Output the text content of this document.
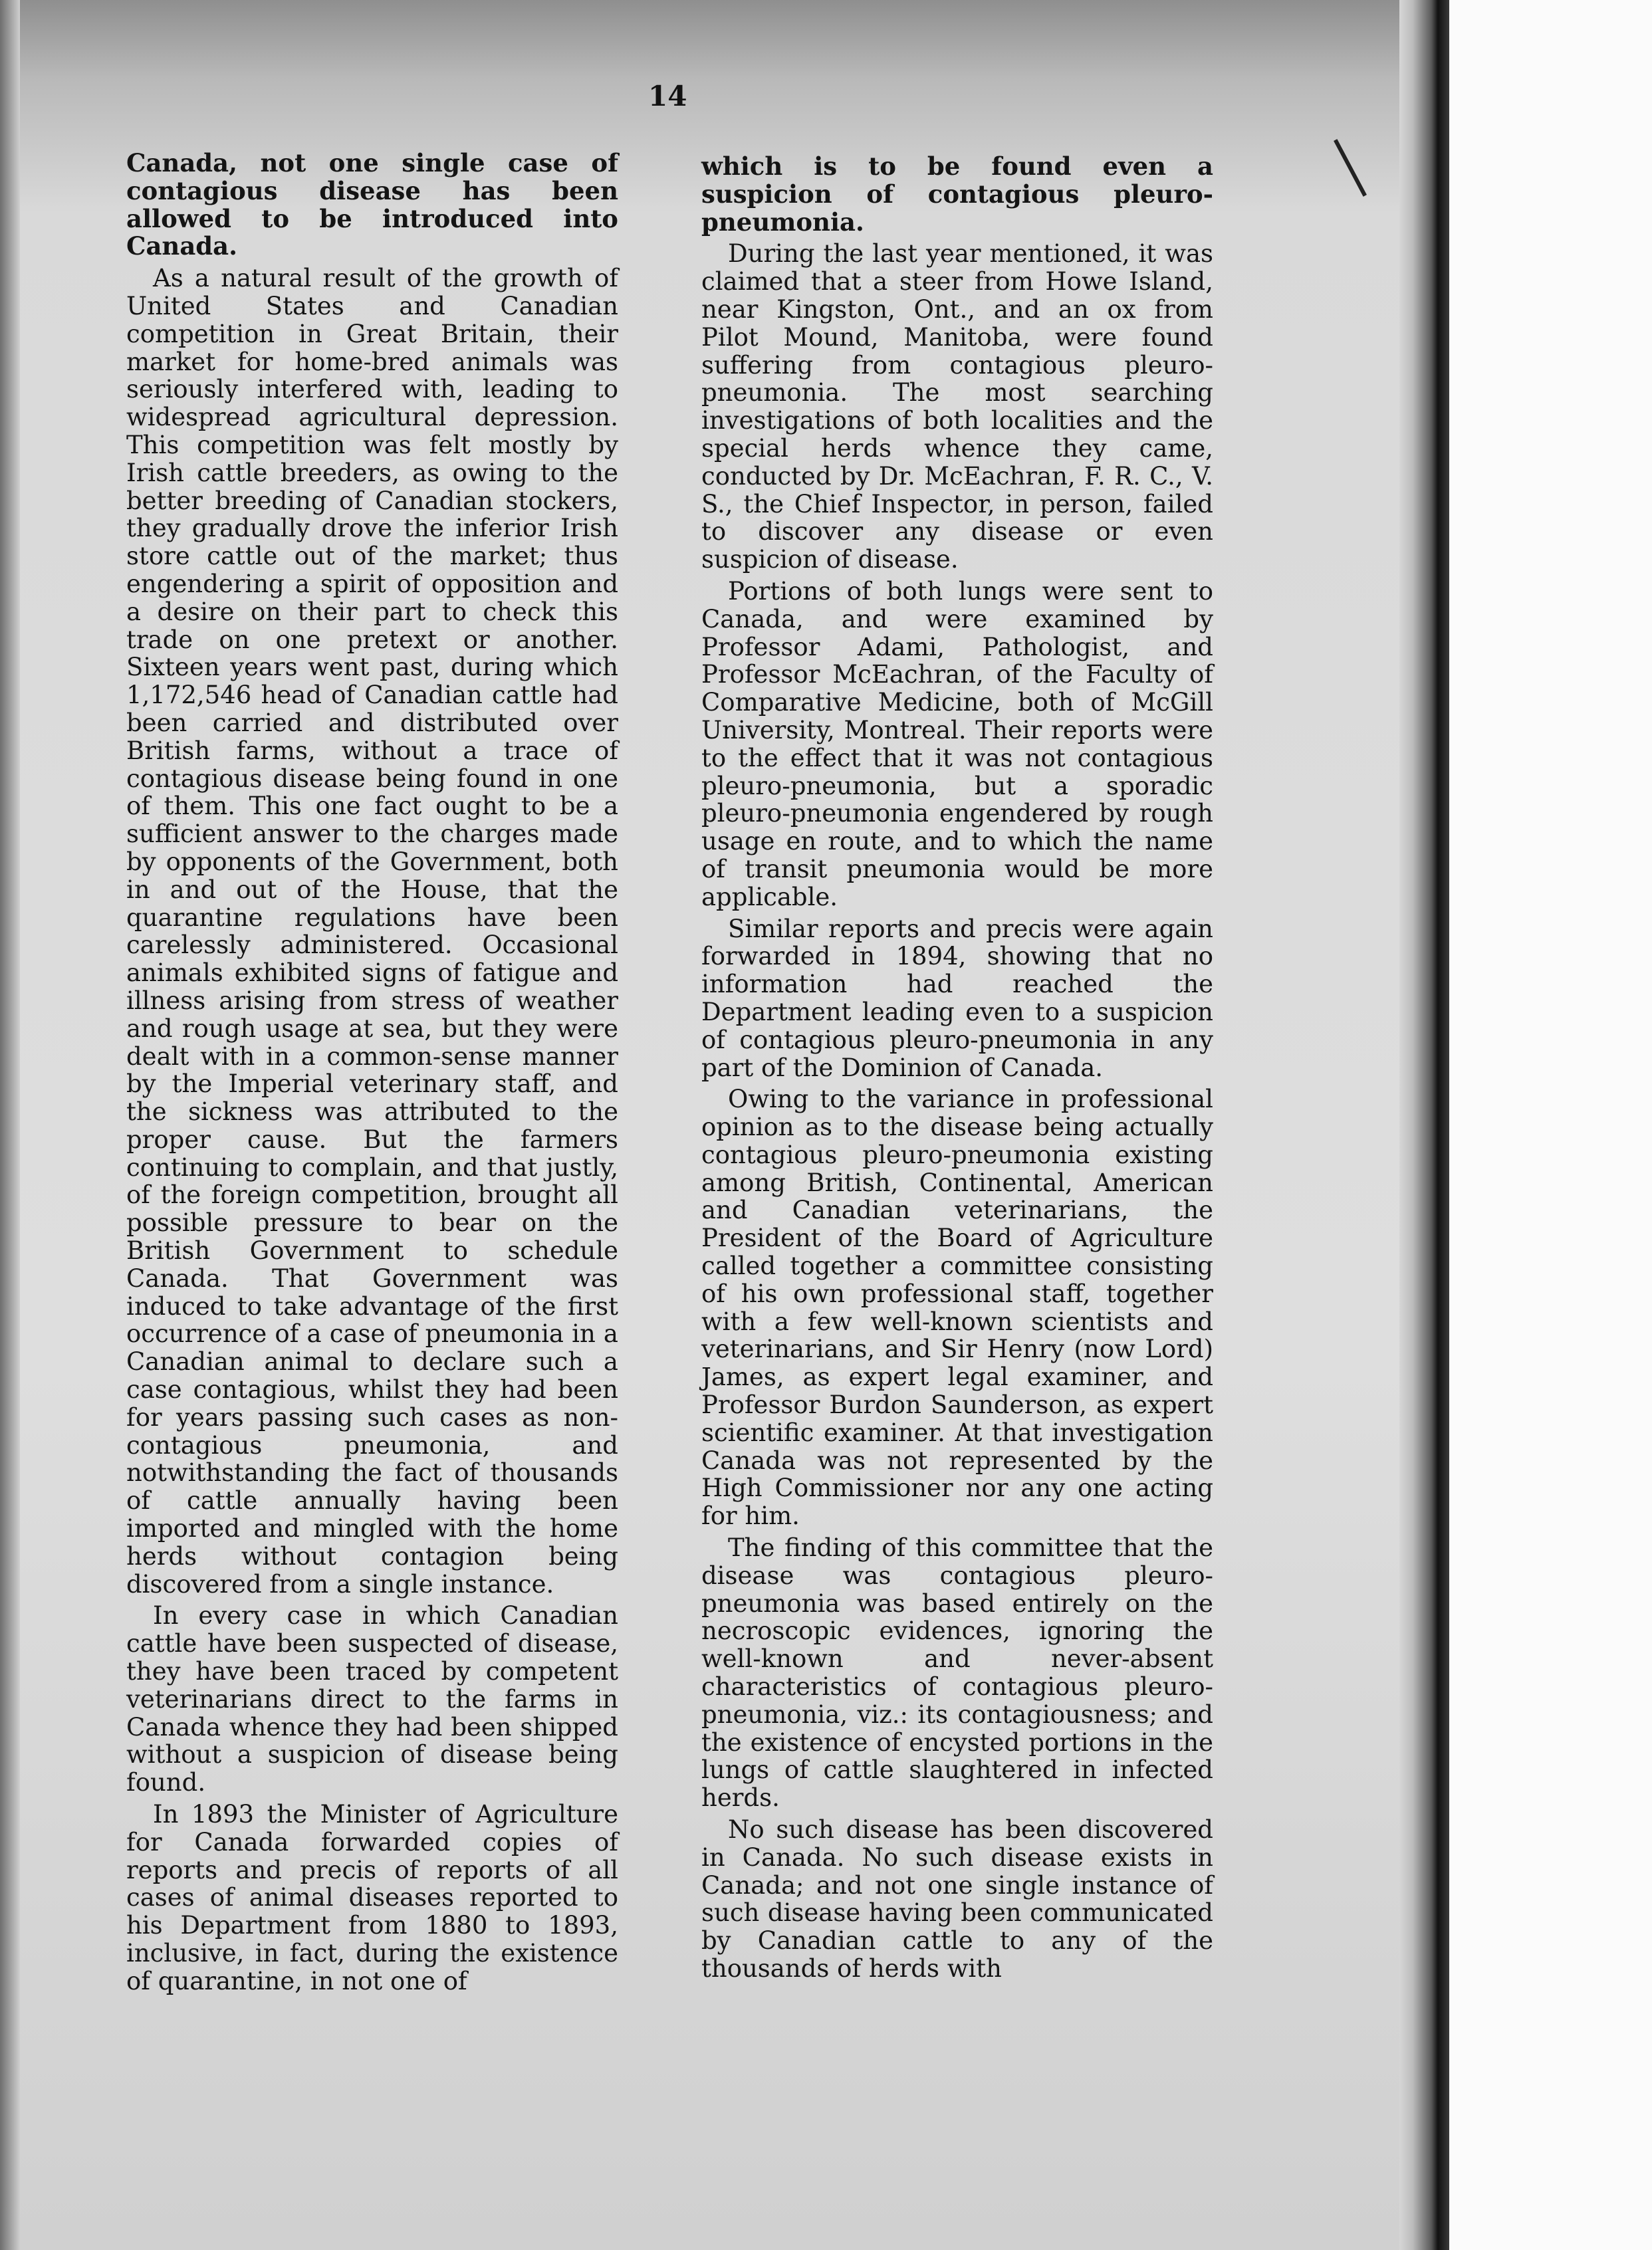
14

Canada, not one single case of contagious disease has been allowed to be introduced into Canada.

As a natural result of the growth of United States and Canadian competition in Great Britain, their market for home-bred animals was seriously interfered with, leading to widespread agricultural depression. This competition was felt mostly by Irish cattle breeders, as owing to the better breeding of Canadian stockers, they gradually drove the inferior Irish store cattle out of the market; thus engendering a spirit of opposition and a desire on their part to check this trade on one pretext or another. Sixteen years went past, during which 1,172,546 head of Canadian cattle had been carried and distributed over British farms, without a trace of contagious disease being found in one of them. This one fact ought to be a sufficient answer to the charges made by opponents of the Government, both in and out of the House, that the quarantine regulations have been carelessly administered. Occasional animals exhibited signs of fatigue and illness arising from stress of weather and rough usage at sea, but they were dealt with in a common-sense manner by the Imperial veterinary staff, and the sickness was attributed to the proper cause. But the farmers continuing to complain, and that justly, of the foreign competition, brought all possible pressure to bear on the British Government to schedule Canada. That Government was induced to take advantage of the first occurrence of a case of pneumonia in a Canadian animal to declare such a case contagious, whilst they had been for years passing such cases as non-contagious pneumonia, and notwithstanding the fact of thousands of cattle annually having been imported and mingled with the home herds without contagion being discovered from a single instance.

In every case in which Canadian cattle have been suspected of disease, they have been traced by competent veterinarians direct to the farms in Canada whence they had been shipped without a suspicion of disease being found.

In 1893 the Minister of Agriculture for Canada forwarded copies of reports and precis of reports of all cases of animal diseases reported to his Department from 1880 to 1893, inclusive, in fact, during the existence of quarantine, in not one of

which is to be found even a suspicion of contagious pleuro-pneumonia.

During the last year mentioned, it was claimed that a steer from Howe Island, near Kingston, Ont., and an ox from Pilot Mound, Manitoba, were found suffering from contagious pleuro-pneumonia. The most searching investigations of both localities and the special herds whence they came, conducted by Dr. McEachran, F. R. C., V. S., the Chief Inspector, in person, failed to discover any disease or even suspicion of disease.

Portions of both lungs were sent to Canada, and were examined by Professor Adami, Pathologist, and Professor McEachran, of the Faculty of Comparative Medicine, both of McGill University, Montreal. Their reports were to the effect that it was not contagious pleuro-pneumonia, but a sporadic pleuro-pneumonia engendered by rough usage en route, and to which the name of transit pneumonia would be more applicable.

Similar reports and precis were again forwarded in 1894, showing that no information had reached the Department leading even to a suspicion of contagious pleuro-pneumonia in any part of the Dominion of Canada.

Owing to the variance in professional opinion as to the disease being actually contagious pleuro-pneumonia existing among British, Continental, American and Canadian veterinarians, the President of the Board of Agriculture called together a committee consisting of his own professional staff, together with a few well-known scientists and veterinarians, and Sir Henry (now Lord) James, as expert legal examiner, and Professor Burdon Saunderson, as expert scientific examiner. At that investigation Canada was not represented by the High Commissioner nor any one acting for him.

The finding of this committee that the disease was contagious pleuro-pneumonia was based entirely on the necroscopic evidences, ignoring the well-known and never-absent characteristics of contagious pleuro-pneumonia, viz.: its contagiousness; and the existence of encysted portions in the lungs of cattle slaughtered in infected herds.

No such disease has been discovered in Canada. No such disease exists in Canada; and not one single instance of such disease having been communicated by Canadian cattle to any of the thousands of herds with
